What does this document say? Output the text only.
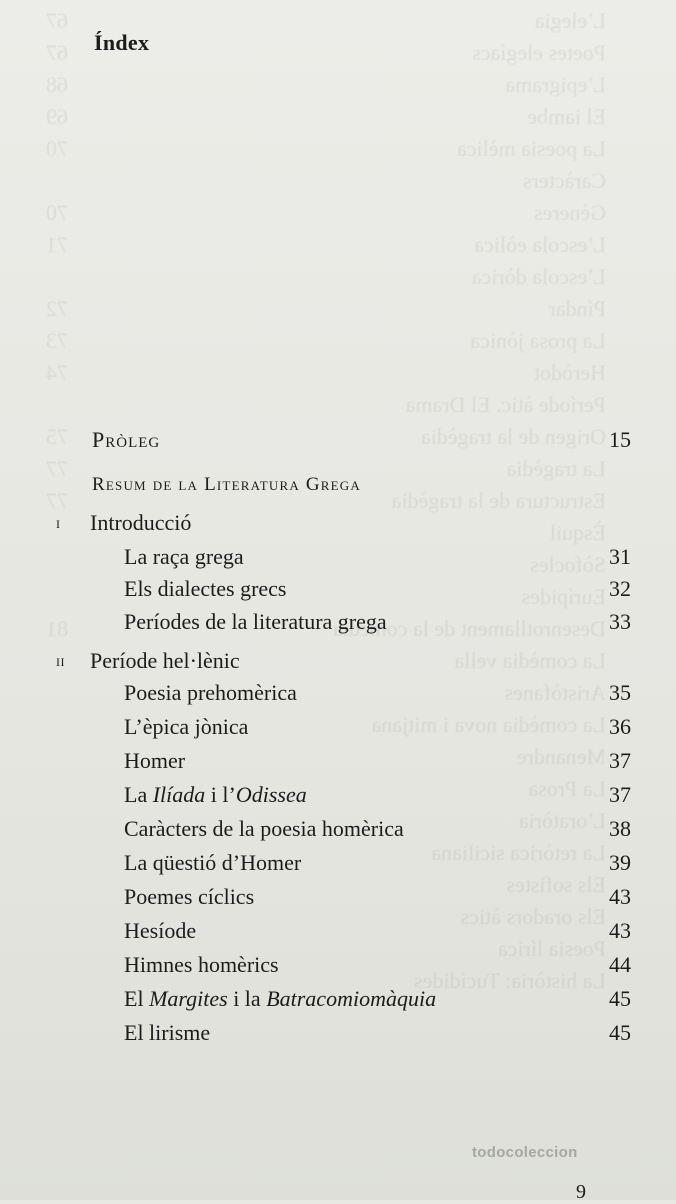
Índex
Pròleg	15
Resum de la Literatura Grega
i Introducció
La raça grega	31
Els dialectes grecs	32
Períodes de la literatura grega	33
ii Període hel·lènic
Poesia prehomèrica	35
L’èpica jònica	36
Homer	37
La Ilíada i l’Odissea	37
Caràcters de la poesia homèrica	38
La qüestió d’Homer	39
Poemes cíclics	43
Hesíode	43
Himnes homèrics	44
El Margites i la Batracomiomàquia	45
El lirisme	45
todocoleccion
9
